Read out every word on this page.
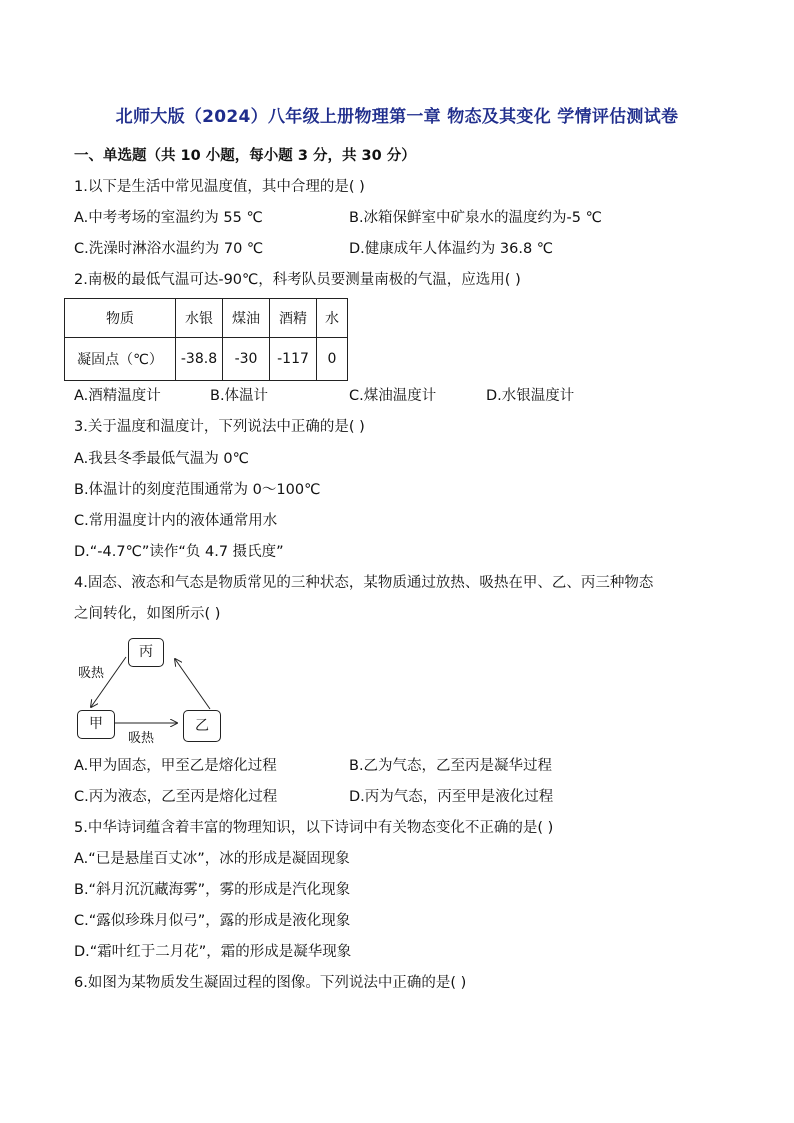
北师大版（2024）八年级上册物理第一章 物态及其变化 学情评估测试卷
一、单选题（共 10 小题，每小题 3 分，共 30 分）
1.以下是生活中常见温度值，其中合理的是( )
A.中考考场的室温约为 55 ℃	B.冰箱保鲜室中矿泉水的温度约为-5 ℃
C.洗澡时淋浴水温约为 70 ℃	D.健康成年人体温约为 36.8 ℃
2.南极的最低气温可达-90℃，科考队员要测量南极的气温，应选用( )
物质	水银	煤油	酒精	水
凝固点（℃）	-38.8	-30	-117	0
A.酒精温度计	B.体温计	C.煤油温度计	D.水银温度计
3.关于温度和温度计，下列说法中正确的是( )
A.我县冬季最低气温为 0℃
B.体温计的刻度范围通常为 0～100℃
C.常用温度计内的液体通常用水
D.“-4.7℃”读作“负 4.7 摄氏度”
4.固态、液态和气态是物质常见的三种状态，某物质通过放热、吸热在甲、乙、丙三种物态
之间转化，如图所示( )
丙
甲	乙
吸热
吸热
A.甲为固态，甲至乙是熔化过程	B.乙为气态，乙至丙是凝华过程
C.丙为液态，乙至丙是熔化过程	D.丙为气态，丙至甲是液化过程
5.中华诗词蕴含着丰富的物理知识，以下诗词中有关物态变化不正确的是( )
A.“已是悬崖百丈冰”，冰的形成是凝固现象
B.“斜月沉沉藏海雾”，雾的形成是汽化现象
C.“露似珍珠月似弓”，露的形成是液化现象
D.“霜叶红于二月花”，霜的形成是凝华现象
6.如图为某物质发生凝固过程的图像。下列说法中正确的是( )
